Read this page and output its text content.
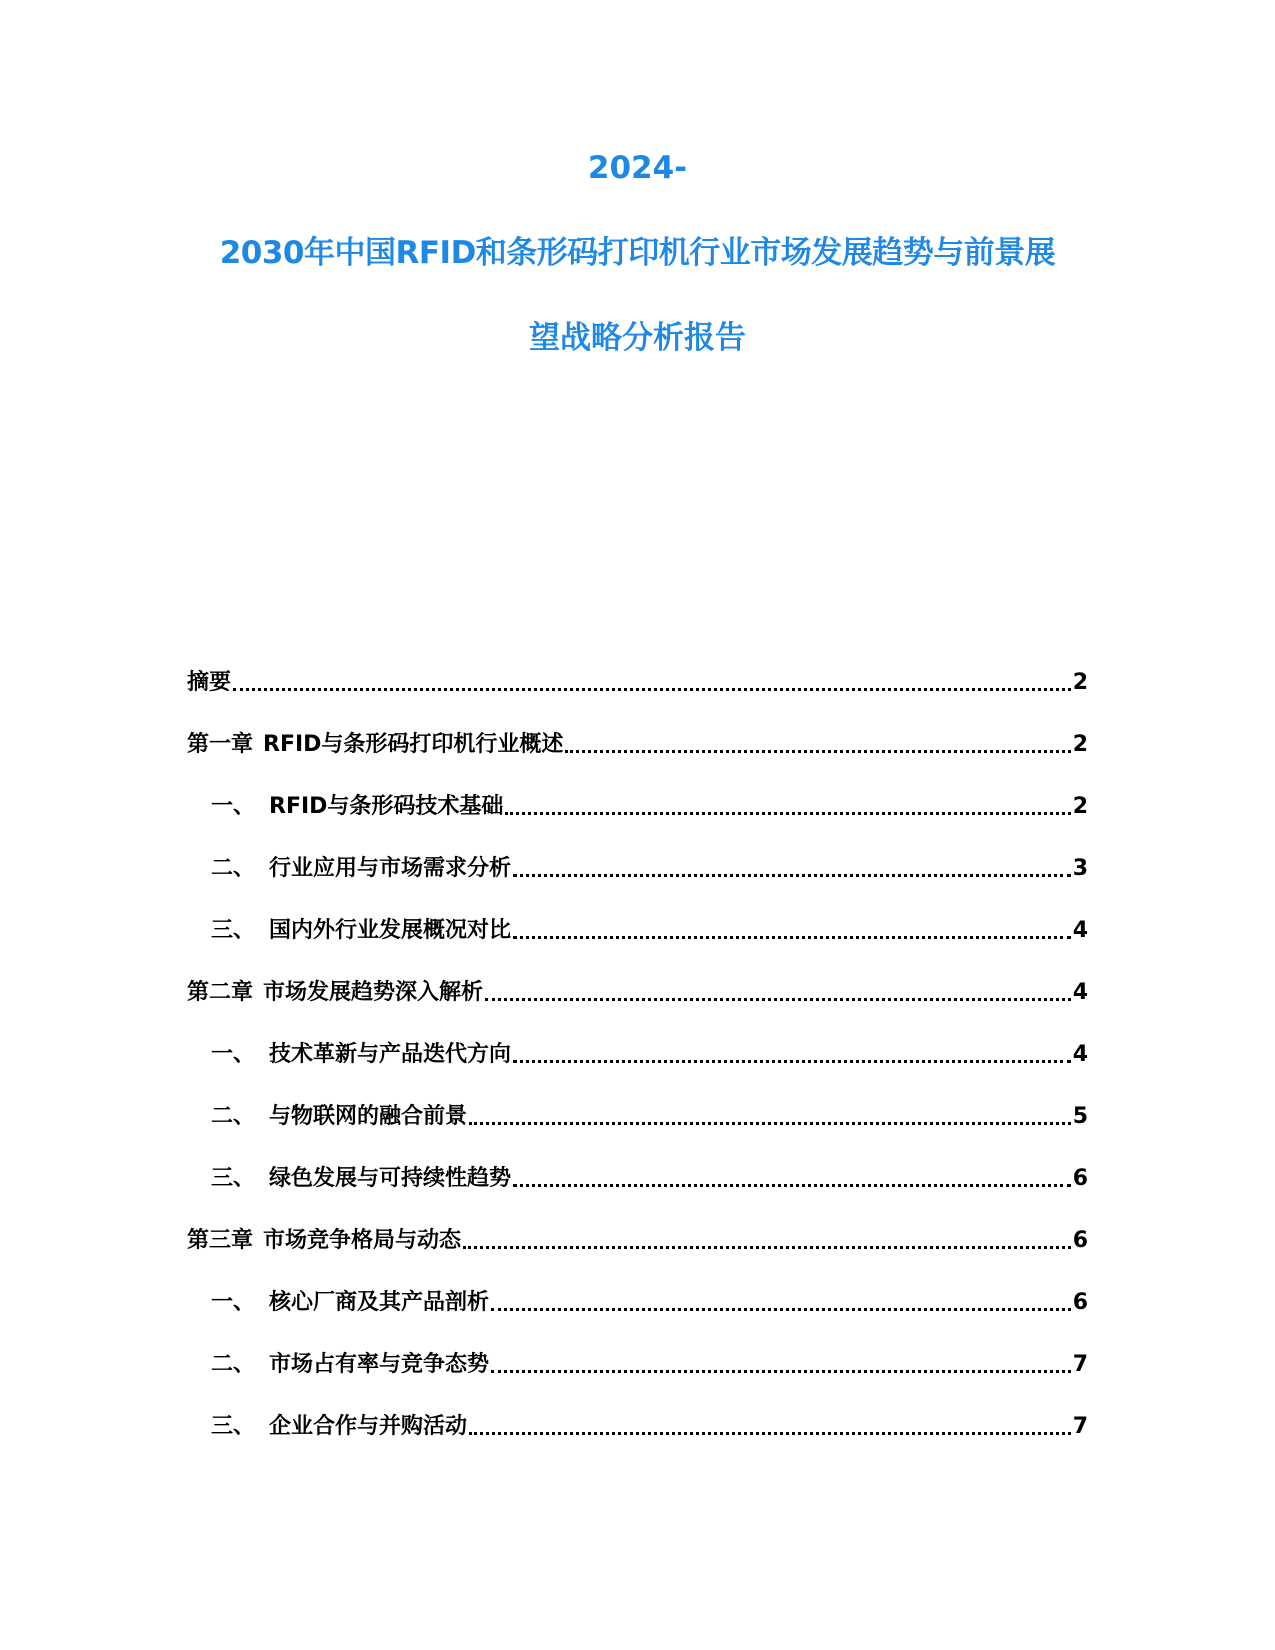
2024-
2030年中国RFID和条形码打印机行业市场发展趋势与前景展
望战略分析报告
摘要	2
第一章 RFID与条形码打印机行业概述	2
一、 RFID与条形码技术基础	2
二、 行业应用与市场需求分析	3
三、 国内外行业发展概况对比	4
第二章 市场发展趋势深入解析	4
一、 技术革新与产品迭代方向	4
二、 与物联网的融合前景	5
三、 绿色发展与可持续性趋势	6
第三章 市场竞争格局与动态	6
一、 核心厂商及其产品剖析	6
二、 市场占有率与竞争态势	7
三、 企业合作与并购活动	7
